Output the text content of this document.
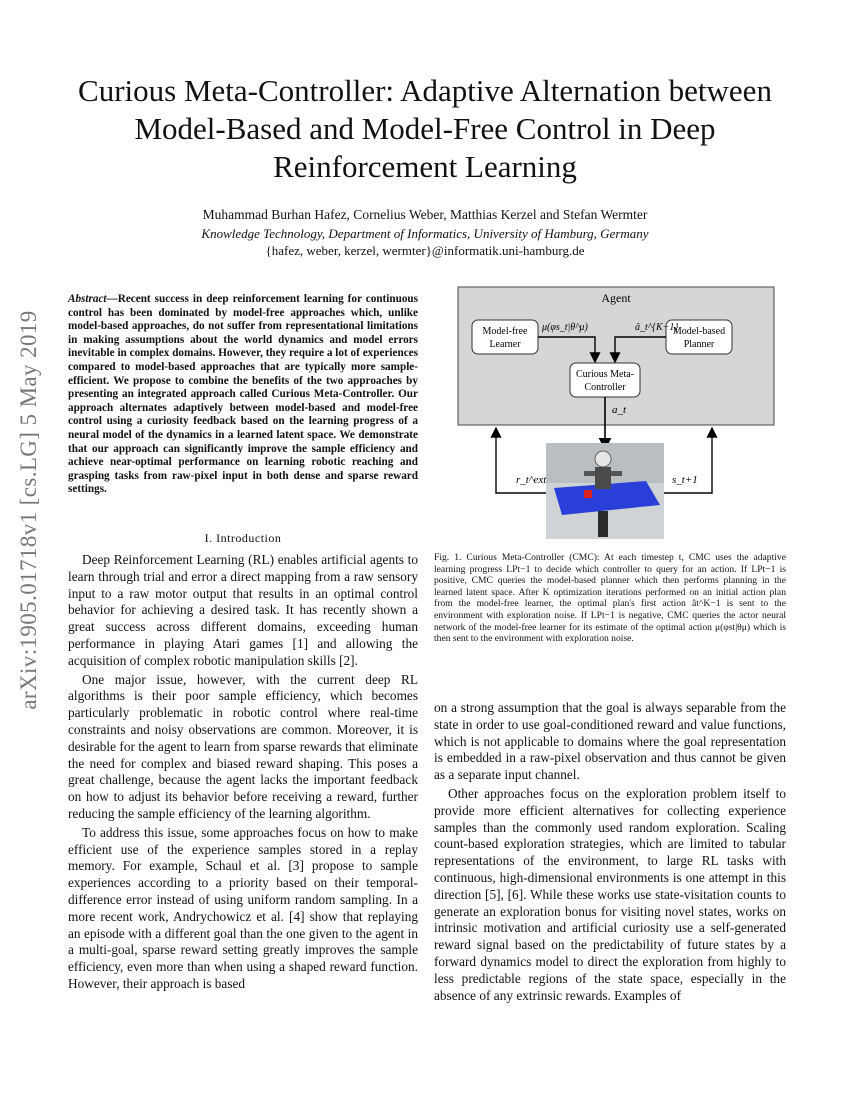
Curious Meta-Controller: Adaptive Alternation between Model-Based and Model-Free Control in Deep Reinforcement Learning
Muhammad Burhan Hafez, Cornelius Weber, Matthias Kerzel and Stefan Wermter
Knowledge Technology, Department of Informatics, University of Hamburg, Germany
{hafez, weber, kerzel, wermter}@informatik.uni-hamburg.de
arXiv:1905.01718v1 [cs.LG] 5 May 2019
Abstract—Recent success in deep reinforcement learning for continuous control has been dominated by model-free approaches which, unlike model-based approaches, do not suffer from representational limitations in making assumptions about the world dynamics and model errors inevitable in complex domains. However, they require a lot of experiences compared to model-based approaches that are typically more sample-efficient. We propose to combine the benefits of the two approaches by presenting an integrated approach called Curious Meta-Controller. Our approach alternates adaptively between model-based and model-free control using a curiosity feedback based on the learning progress of a neural model of the dynamics in a learned latent space. We demonstrate that our approach can significantly improve the sample efficiency and achieve near-optimal performance on learning robotic reaching and grasping tasks from raw-pixel input in both dense and sparse reward settings.
I. Introduction

Deep Reinforcement Learning (RL) enables artificial agents to learn through trial and error a direct mapping from a raw sensory input to a raw motor output that results in an optimal control behavior for achieving a desired task. It has recently shown a great success across different domains, exceeding human performance in playing Atari games [1] and allowing the acquisition of complex robotic manipulation skills [2].

One major issue, however, with the current deep RL algorithms is their poor sample efficiency, which becomes particularly problematic in robotic control where real-time constraints and noisy observations are common. Moreover, it is desirable for the agent to learn from sparse rewards that eliminate the need for complex and biased reward shaping. This poses a great challenge, because the agent lacks the important feedback on how to adjust its behavior before receiving a reward, further reducing the sample efficiency of the learning algorithm.

To address this issue, some approaches focus on how to make efficient use of the experience samples stored in a replay memory. For example, Schaul et al. [3] propose to sample experiences according to a priority based on their temporal-difference error instead of using uniform random sampling. In a more recent work, Andrychowicz et al. [4] show that replaying an episode with a different goal than the one given to the agent in a multi-goal, sparse reward setting greatly improves the sample efficiency, even more than when using a shaped reward function. However, their approach is based

Agent
Model-free
Learner
Model-based
Planner
Curious Meta-
Controller
μ(φs_t|θ^μ)	â_t^{K−1}
a_t
r_t^ext	s_t+1
Fig. 1. Curious Meta-Controller (CMC): At each timestep t, CMC uses the adaptive learning progress LPt−1 to decide which controller to query for an action. If LPt−1 is positive, CMC queries the model-based planner which then performs planning in the learned latent space. After K optimization iterations performed on an initial action plan from the model-free learner, the optimal plan's first action ât^K−1 is sent to the environment with exploration noise. If LPt−1 is negative, CMC queries the actor neural network of the model-free learner for its estimate of the optimal action μ(φst|θμ) which is then sent to the environment with exploration noise.

on a strong assumption that the goal is always separable from the state in order to use goal-conditioned reward and value functions, which is not applicable to domains where the goal representation is embedded in a raw-pixel observation and thus cannot be given as a separate input channel.

Other approaches focus on the exploration problem itself to provide more efficient alternatives for collecting experience samples than the commonly used random exploration. Scaling count-based exploration strategies, which are limited to tabular representations of the environment, to large RL tasks with continuous, high-dimensional environments is one attempt in this direction [5], [6]. While these works use state-visitation counts to generate an exploration bonus for visiting novel states, works on intrinsic motivation and artificial curiosity use a self-generated reward signal based on the predictability of future states by a forward dynamics model to direct the exploration from highly to less predictable regions of the state space, especially in the absence of any extrinsic rewards. Examples of
